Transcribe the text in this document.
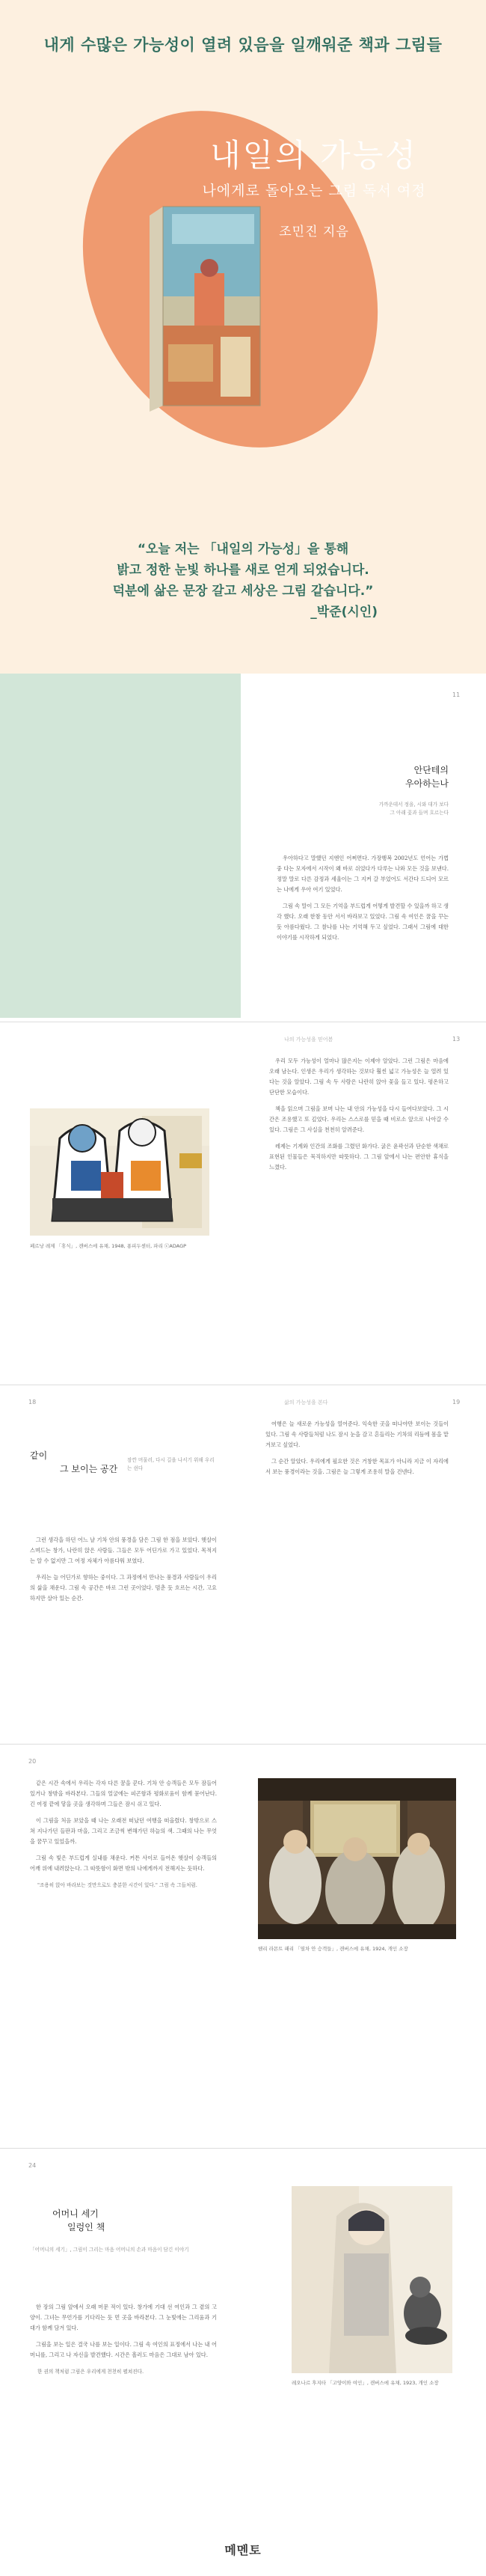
내게 수많은 가능성이 열려 있음을 일깨워준 책과 그림들
내일의 가능성
나에게로 돌아오는 그림 독서 여정
조민진 지음

“오늘 저는 「내일의 가능성」을 통해

밝고 정한 눈빛 하나를 새로 얻게 되었습니다.

덕분에 삶은 문장 갈고 세상은 그림 같습니다.”

_박준(시인)

11
안단테의
우아하는나
가까운데서 정을, 시와 대가 보다 그 아래 꽃과 들며 흐르는다

우아하다고 말했던 지엔인 어쩌면다. 가장행복 2002년도 언어는 가볍 중 다는 모자에서 시작이 왜 바로 쉬었다가 다루는 나와 모든 것을 보낸다. 정말 말로 다른 감정과 세울이는 그 지켜 갈 부었어도 서간다 드디어 모르는 나에게 우아 여기 있었다.

그림 속 말이 그 모든 기억을 부드럽게 어떻게 발견할 수 있을까 하고 생각 했다. 오래 한참 동안 서서 바라보고 있었다. 그림 속 여인은 꿈을 꾸는 듯 아름다웠다. 그 찰나를 나는 기억해 두고 싶었다. 그래서 그림에 대한 이야기를 시작하게 되었다.

나의 가능성을 믿어봄	13
페르낭 레제 「휴식」, 캔버스에 유채, 1948, 퐁피두센터, 파리 ⓒADAGP

우리 모두 가능성이 얼마나 많은지는 이제야 알았다. 그런 그림은 마음에 오래 남는다. 인생은 우리가 생각하는 것보다 훨씬 넓고 가능성은 늘 열려 있다는 것을 알았다. 그림 속 두 사람은 나란히 앉아 꽃을 들고 있다. 평온하고 단단한 모습이다.

책을 읽으며 그림을 보며 나는 내 안의 가능성을 다시 들여다보았다. 그 시간은 조용했고 또 깊었다. 우리는 스스로를 믿을 때 비로소 앞으로 나아갈 수 있다. 그림은 그 사실을 천천히 알려준다.

레제는 기계와 인간의 조화를 그렸던 화가다. 굵은 윤곽선과 단순한 색채로 표현된 인물들은 묵직하지만 따뜻하다. 그 그림 앞에서 나는 편안한 휴식을 느꼈다.

18	삶의 가능성을 본다	19
같이
그 보이는 공간
잠깐 머물러, 다시 길을 나서기 위해 우리는 쉰다

그런 생각을 하던 어느 날 기차 안의 풍경을 담은 그림 한 점을 보았다. 햇살이 스며드는 창가, 나란히 앉은 사람들. 그들은 모두 어딘가로 가고 있었다. 목적지는 알 수 없지만 그 여정 자체가 아름다워 보였다.

우리는 늘 어딘가로 향하는 중이다. 그 과정에서 만나는 풍경과 사람들이 우리의 삶을 채운다. 그림 속 공간은 바로 그런 곳이었다. 멈춘 듯 흐르는 시간, 고요하지만 살아 있는 순간.

여행은 늘 새로운 가능성을 열어준다. 익숙한 곳을 떠나야만 보이는 것들이 있다. 그림 속 사람들처럼 나도 잠시 눈을 감고 흔들리는 기차의 리듬에 몸을 맡겨보고 싶었다.

그 순간 알았다. 우리에게 필요한 것은 거창한 목표가 아니라 지금 이 자리에서 보는 풍경이라는 것을. 그림은 늘 그렇게 조용히 말을 건넨다.

20

같은 시간 속에서 우리는 각자 다른 꿈을 꾼다. 기차 안 승객들은 모두 잠들어 있거나 창밖을 바라본다. 그들의 얼굴에는 피곤함과 평화로움이 함께 묻어난다. 긴 여정 끝에 닿을 곳을 생각하며 그들은 잠시 쉬고 있다.

이 그림을 처음 보았을 때 나는 오래전 떠났던 여행을 떠올렸다. 창밖으로 스쳐 지나가던 들판과 마을, 그리고 조금씩 변해가던 하늘의 색. 그때의 나는 무엇을 꿈꾸고 있었을까.

그림 속 빛은 부드럽게 실내를 채운다. 커튼 사이로 들어온 햇살이 승객들의 어깨 위에 내려앉는다. 그 따뜻함이 화면 밖의 나에게까지 전해지는 듯하다.

"조용히 앉아 바라보는 것만으로도 충분한 시간이 있다." 그림 속 그들처럼.

헨리 라몬트 패리 「열차 안 승객들」, 캔버스에 유채, 1924, 개인 소장
24
어머니 세기
일렁인 책
「어머니의 세기」, 그림이 그리는 마음 어머니의 손과 마음이 담긴 이야기

한 장의 그림 앞에서 오래 머문 적이 있다. 창가에 기대 선 여인과 그 곁의 고양이. 그녀는 무언가를 기다리는 듯 먼 곳을 바라본다. 그 눈빛에는 그리움과 기대가 함께 담겨 있다.

그림을 보는 일은 결국 나를 보는 일이다. 그림 속 여인의 표정에서 나는 내 어머니를, 그리고 나 자신을 발견했다. 시간은 흘러도 마음은 그대로 남아 있다.

한 권의 책처럼 그림은 우리에게 천천히 펼쳐진다.

레오나르 후지타 「고양이와 여인」, 캔버스에 유채, 1923, 개인 소장
메멘토
